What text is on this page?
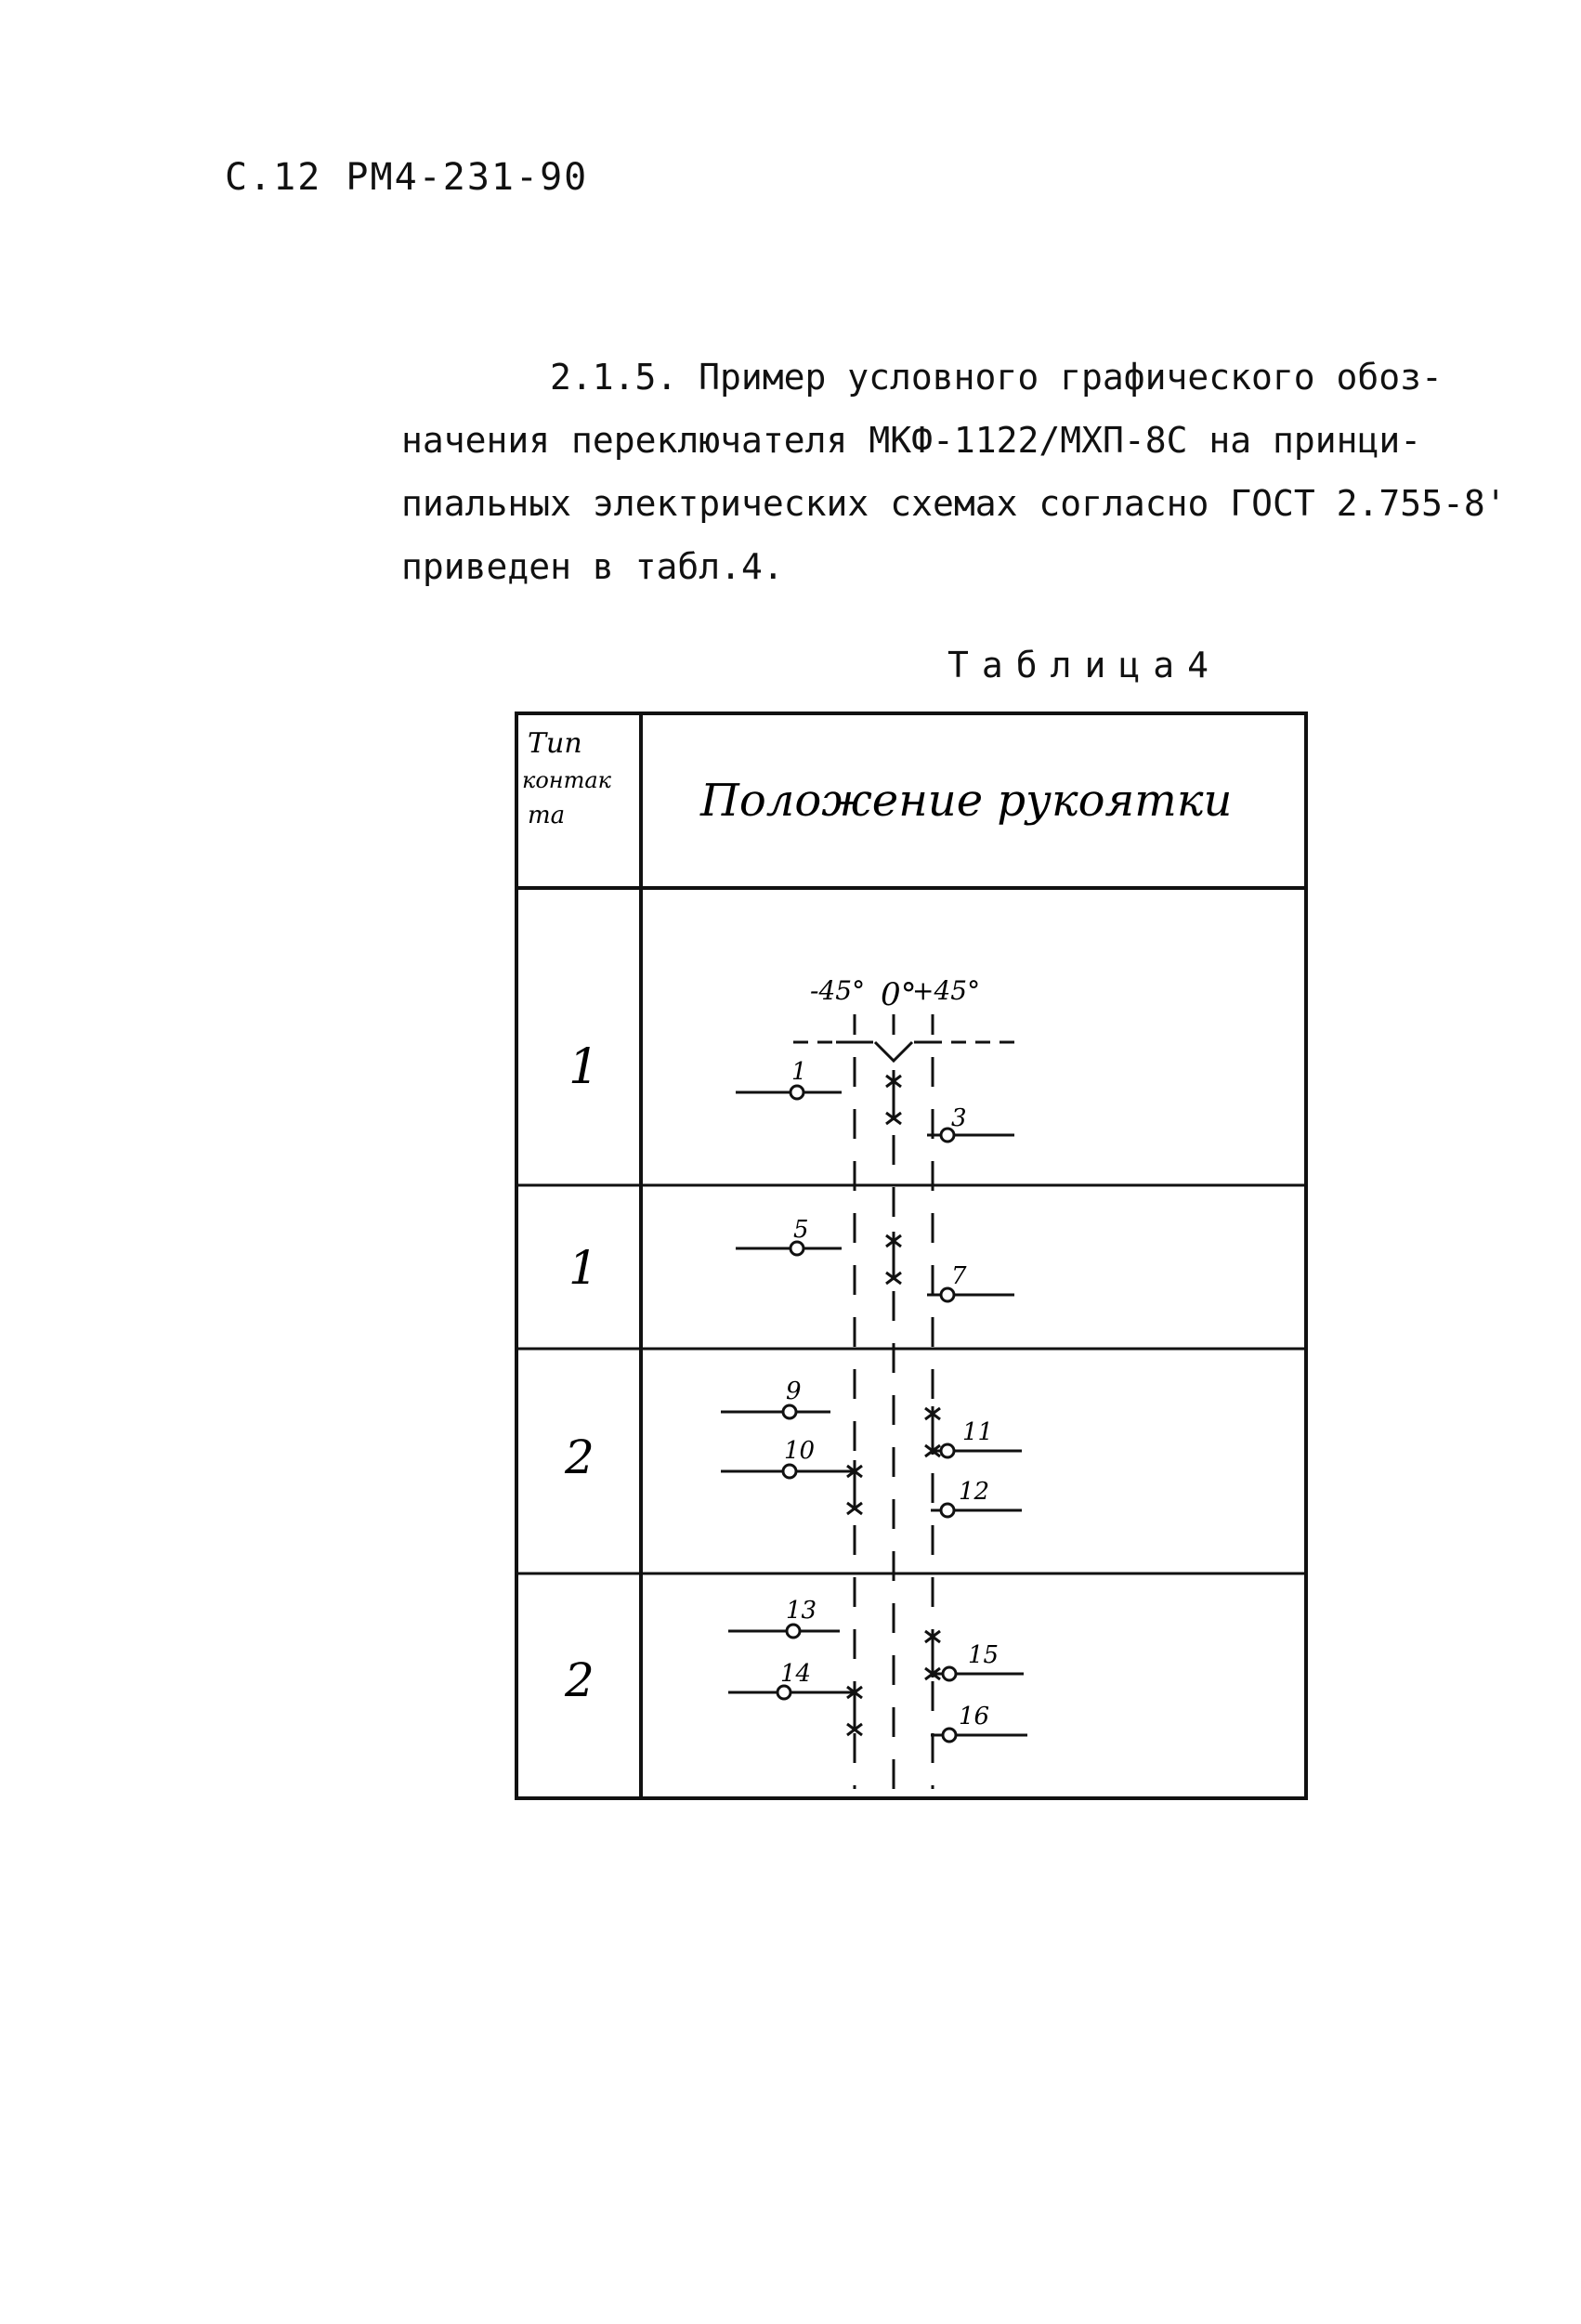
С.12 РМ4-231-90
2.1.5. Пример условного графического обоз-
начения переключателя МКФ-1122/МХП-8С на принци-
пиальных электрических схемах согласно ГОСТ 2.755-8'
приведен в табл.4.
Таблица4
Тип
контак
та	Положение рукоятки
-45° 0°
+45°
1
1
2
2
1
3
5
7
9
10
11
12
13
14
15
16
